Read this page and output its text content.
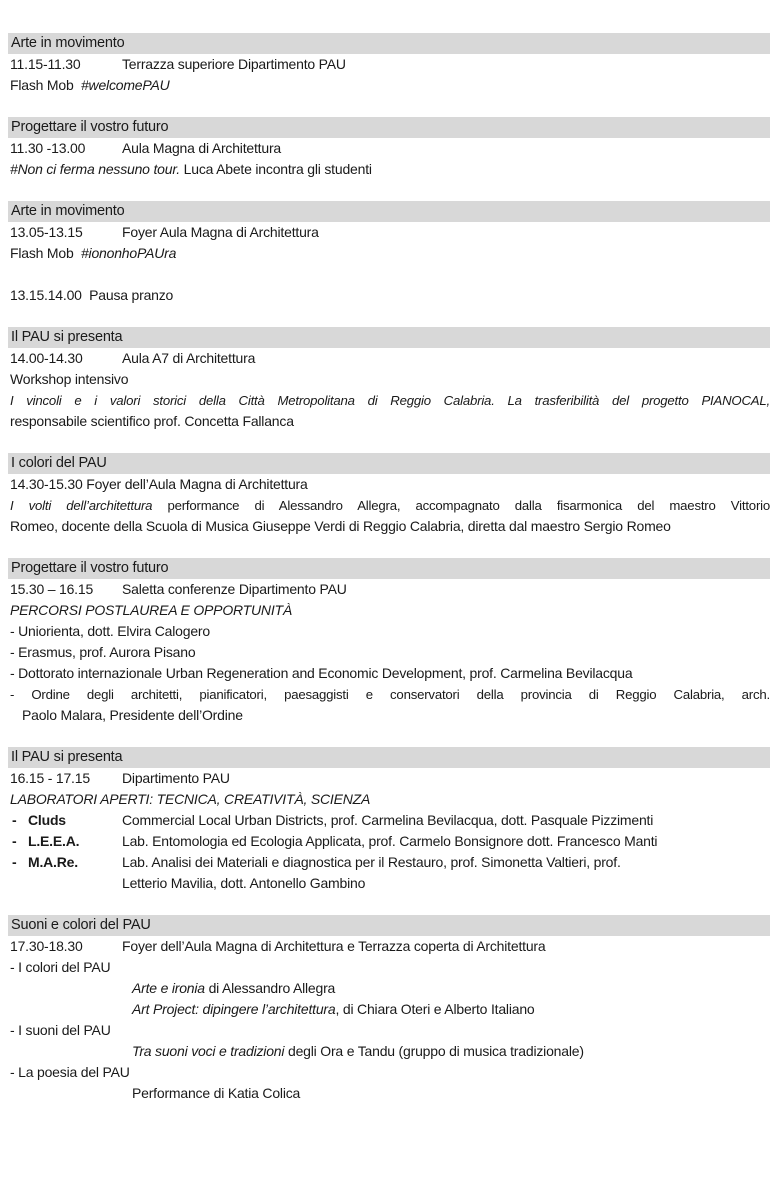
Arte in movimento
11.15-11.30	Terrazza superiore Dipartimento PAU
Flash Mob  #welcomePAU
Progettare il vostro futuro
11.30 -13.00	Aula Magna di Architettura
#Non ci ferma nessuno tour. Luca Abete incontra gli studenti
Arte in movimento
13.05-13.15	Foyer Aula Magna di Architettura
Flash Mob  #iononhoPAUra
13.15.14.00  Pausa pranzo
Il PAU si presenta
14.00-14.30	Aula A7 di Architettura
Workshop intensivo
I vincoli e i valori storici della Città Metropolitana di Reggio Calabria. La trasferibilità del progetto PIANOCAL,
responsabile scientifico prof. Concetta Fallanca
I colori del PAU
14.30-15.30 Foyer dell’Aula Magna di Architettura
I volti dell’architettura performance di Alessandro Allegra, accompagnato dalla fisarmonica del maestro Vittorio
Romeo, docente della Scuola di Musica Giuseppe Verdi di Reggio Calabria, diretta dal maestro Sergio Romeo
Progettare il vostro futuro
15.30 – 16.15 Saletta conferenze Dipartimento PAU
PERCORSI POSTLAUREA E OPPORTUNITÀ
- Uniorienta, dott. Elvira Calogero
- Erasmus, prof. Aurora Pisano
- Dottorato internazionale Urban Regeneration and Economic Development, prof. Carmelina Bevilacqua
- Ordine degli architetti, pianificatori, paesaggisti e conservatori della provincia di Reggio Calabria, arch.
Paolo Malara, Presidente dell’Ordine
Il PAU si presenta
16.15 - 17.15 Dipartimento PAU
LABORATORI APERTI: TECNICA, CREATIVITÀ, SCIENZA
- Cluds	Commercial Local Urban Districts, prof. Carmelina Bevilacqua, dott. Pasquale Pizzimenti
- L.E.E.A.	Lab. Entomologia ed Ecologia Applicata, prof. Carmelo Bonsignore dott. Francesco Manti
- M.A.Re.	Lab. Analisi dei Materiali e diagnostica per il Restauro, prof. Simonetta Valtieri, prof.
Letterio Mavilia, dott. Antonello Gambino
Suoni e colori del PAU
17.30-18.30	Foyer dell’Aula Magna di Architettura e Terrazza coperta di Architettura
- I colori del PAU
Arte e ironia di Alessandro Allegra
Art Project: dipingere l’architettura, di Chiara Oteri e Alberto Italiano
- I suoni del PAU
Tra suoni voci e tradizioni degli Ora e Tandu (gruppo di musica tradizionale)
- La poesia del PAU
Performance di Katia Colica
